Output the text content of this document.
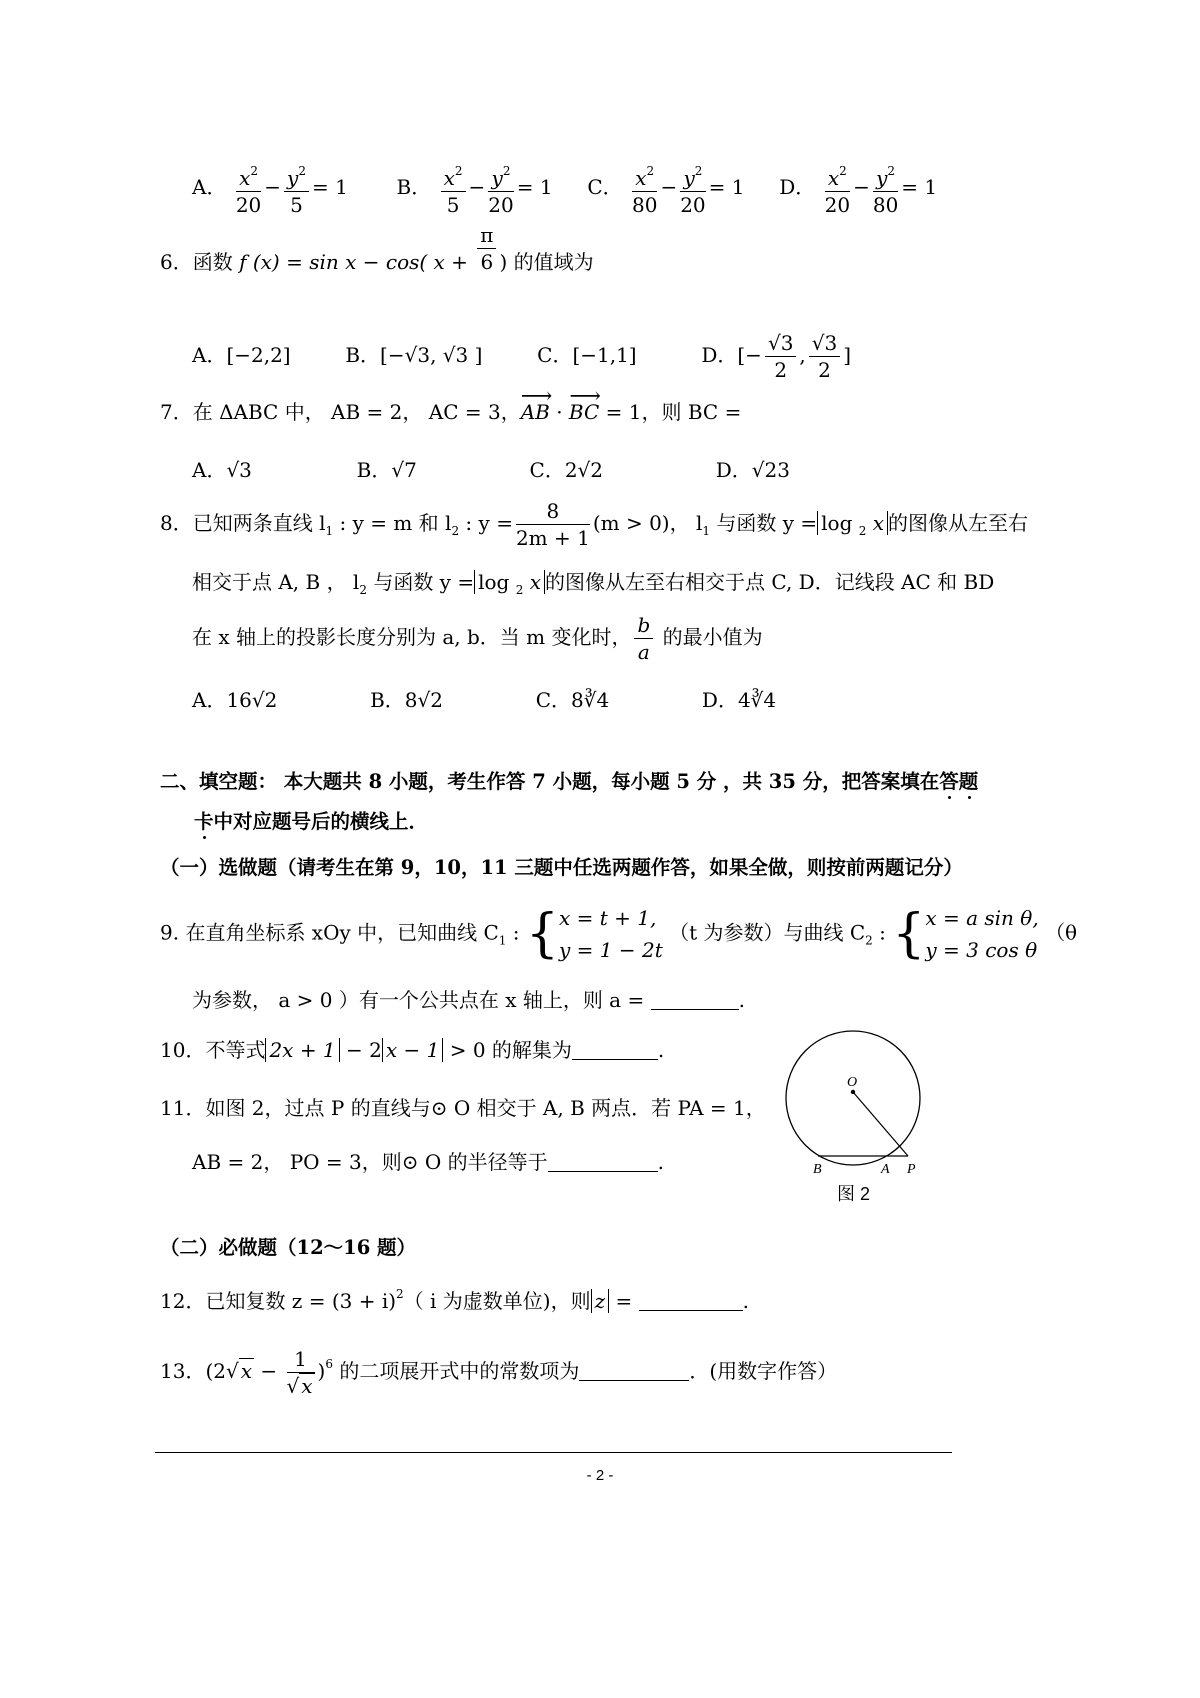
A． $\frac{x^2}{20} - \frac{y^2}{5} = 1$ B． $\frac{x^2}{5} - \frac{y^2}{20} = 1$ C． $\frac{x^2}{80} - \frac{y^2}{20} = 1$ D． $\frac{x^2}{20} - \frac{y^2}{80} = 1$
6．函数 f (x) = sin x − cos( $x + \frac{\pi}{6}$ ) 的值域为
A．[−2,2]	B．[−√3, √3 ]	C．[−1,1]	D．[− $\frac{√3}{2}$ , $\frac{√3}{2}$ ]
7．在 ΔABC 中， AB = 2， AC = 3，⟶ AB · ⟶ BC = 1，则 BC =
A．√3	B．√7	C．2√2	D．√23
8．已知两条直线 $l_1$ : y = m 和 $l_2$ : $y = \frac{8}{2m + 1} (m > 0)$， $l_1$ 与函数 y = log $_2$ x 的图像从左至右
相交于点 A, B ， $l_2$ 与函数 y = log $_2$ x 的图像从左至右相交于点 C, D．记线段 AC 和 BD
在 x 轴上的投影长度分别为 a, b．当 m 变化时， $\frac{b}{a}$ 的最小值为
A．16√2	B．8√2	C．8∛4	D．4∛4
二、填空题： 本大题共 8 小题，考生作答 7 小题，每小题 5 分 ，共 35 分，把答案填在答题
卡中对应题号后的横线上．
（一）选做题（请考生在第 9，10，11 三题中任选两题作答，如果全做，则按前两题记分）
9. 在直角坐标系 xOy 中，已知曲线 $C_1$ : {x = t + 1,
y = 1 − 2t （t 为参数）与曲线 $C_2$ : {x = a sin θ,
y = 3 cos θ （θ
为参数， a > 0 ）有一个公共点在 x 轴上，则 a =	.
10．不等式 2x + 1 − 2 x − 1 > 0 的解集为	.
11．如图 2，过点 P 的直线与⊙ O 相交于 A, B 两点．若 PA = 1，
AB = 2， PO = 3，则⊙ O 的半径等于	.
O
B	A P
图 2
（二）必做题（12～16 题）
12．已知复数 $z = (3 + i)^2$（ i 为虚数单位)，则 z =	.
13．(2√ $x - \frac{1}{√ x} )^6$ 的二项展开式中的常数项为	．(用数字作答）
- 2 -
